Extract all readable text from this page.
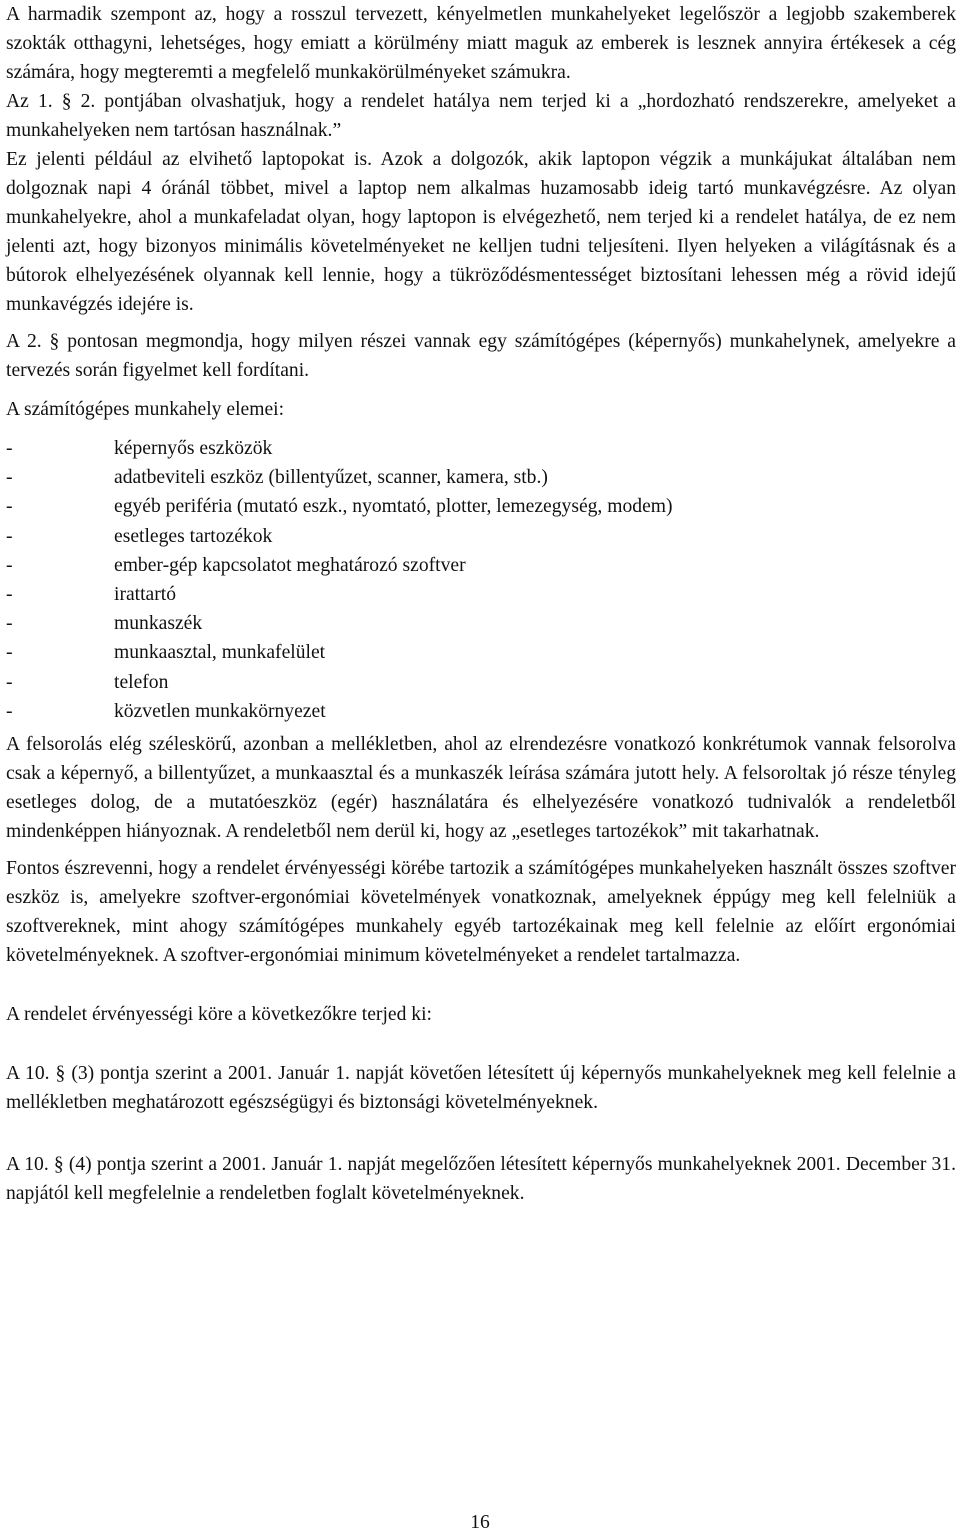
A harmadik szempont az, hogy a rosszul tervezett, kényelmetlen munkahelyeket legelőször a legjobb szakemberek szokták otthagyni, lehetséges, hogy emiatt a körülmény miatt maguk az emberek is lesznek annyira értékesek a cég számára, hogy megteremti a megfelelő munkakörülményeket számukra.

Az 1. § 2. pontjában olvashatjuk, hogy a rendelet hatálya nem terjed ki a „hordozható rendszerekre, amelyeket a munkahelyeken nem tartósan használnak.”

Ez jelenti például az elvihető laptopokat is. Azok a dolgozók, akik laptopon végzik a munkájukat általában nem dolgoznak napi 4 óránál többet, mivel a laptop nem alkalmas huzamosabb ideig tartó munkavégzésre. Az olyan munkahelyekre, ahol a munkafeladat olyan, hogy laptopon is elvégezhető, nem terjed ki a rendelet hatálya, de ez nem jelenti azt, hogy bizonyos minimális követelményeket ne kelljen tudni teljesíteni. Ilyen helyeken a világításnak és a bútorok elhelyezésének olyannak kell lennie, hogy a tükröződésmentességet biztosítani lehessen még a rövid idejű munkavégzés idejére is.

A 2. § pontosan megmondja, hogy milyen részei vannak egy számítógépes (képernyős) munkahelynek, amelyekre a tervezés során figyelmet kell fordítani.

A számítógépes munkahely elemei:

-	képernyős eszközök
-	adatbeviteli eszköz (billentyűzet, scanner, kamera, stb.)
-	egyéb periféria (mutató eszk., nyomtató, plotter, lemezegység, modem)
-	esetleges tartozékok
-	ember-gép kapcsolatot meghatározó szoftver
-	irattartó
-	munkaszék
-	munkaasztal, munkafelület
-	telefon
-	közvetlen munkakörnyezet

A felsorolás elég széleskörű, azonban a mellékletben, ahol az elrendezésre vonatkozó konkrétumok vannak felsorolva csak a képernyő, a billentyűzet, a munkaasztal és a munkaszék leírása számára jutott hely. A felsoroltak jó része tényleg esetleges dolog, de a mutatóeszköz (egér) használatára és elhelyezésére vonatkozó tudnivalók a rendeletből mindenképpen hiányoznak. A rendeletből nem derül ki, hogy az „esetleges tartozékok” mit takarhatnak.

Fontos észrevenni, hogy a rendelet érvényességi körébe tartozik a számítógépes munkahelyeken használt összes szoftver eszköz is, amelyekre szoftver-ergonómiai követelmények vonatkoznak, amelyeknek éppúgy meg kell felelniük a szoftvereknek, mint ahogy számítógépes munkahely egyéb tartozékainak meg kell felelnie az előírt ergonómiai követelményeknek. A szoftver-ergonómiai minimum követelményeket a rendelet tartalmazza.

A rendelet érvényességi köre a következőkre terjed ki:

A 10. § (3) pontja szerint a 2001. Január 1. napját követően létesített új képernyős munkahelyeknek meg kell felelnie a mellékletben meghatározott egészségügyi és biztonsági követelményeknek.

A 10. § (4) pontja szerint a 2001. Január 1. napját megelőzően létesített képernyős munkahelyeknek 2001. December 31. napjától kell megfelelnie a rendeletben foglalt követelményeknek.

16
